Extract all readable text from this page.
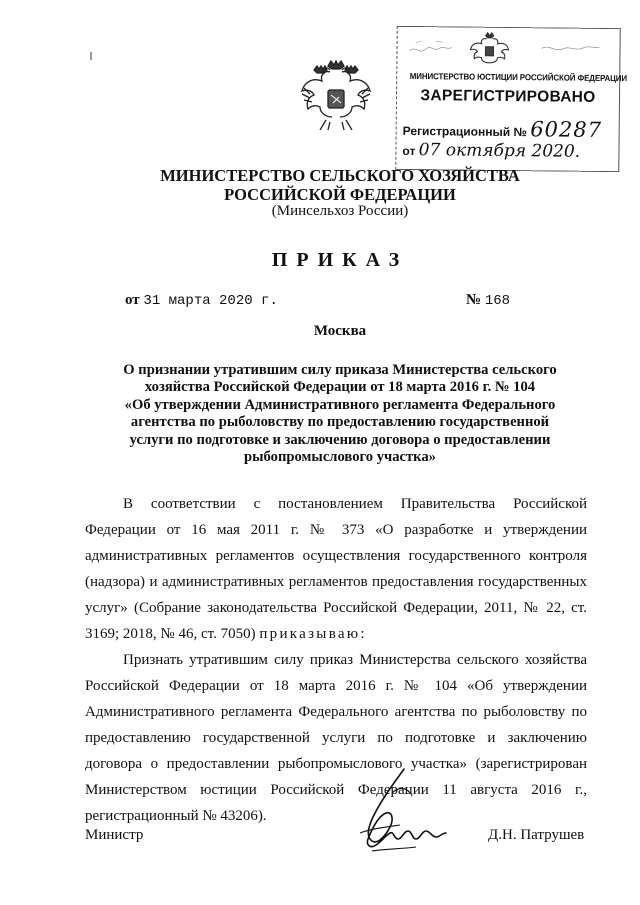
МИНИСТЕРСТВО ЮСТИЦИИ РОССИЙСКОЙ ФЕДЕРАЦИИ
ЗАРЕГИСТРИРОВАНО
Регистрационный № 60287
от 07 октября 2020.
МИНИСТЕРСТВО СЕЛЬСКОГО ХОЗЯЙСТВА
РОССИЙСКОЙ ФЕДЕРАЦИИ
(Минсельхоз России)
ПРИКАЗ
от 31 марта 2020 г.	№ 168
Москва
О признании утратившим силу приказа Министерства сельского
хозяйства Российской Федерации от 18 марта 2016 г. № 104
«Об утверждении Административного регламента Федерального
агентства по рыболовству по предоставлению государственной
услуги по подготовке и заключению договора о предоставлении
рыбопромыслового участка»

В соответствии с постановлением Правительства Российской Федерации от 16 мая 2011 г. № 373 «О разработке и утверждении административных регламентов осуществления государственного контроля (надзора) и административных регламентов предоставления государственных услуг» (Собрание законодательства Российской Федерации, 2011, № 22, ст. 3169; 2018, № 46, ст. 7050) приказываю:

Признать утратившим силу приказ Министерства сельского хозяйства Российской Федерации от 18 марта 2016 г. № 104 «Об утверждении Административного регламента Федерального агентства по рыболовству по предоставлению государственной услуги по подготовке и заключению договора о предоставлении рыбопромыслового участка» (зарегистрирован Министерством юстиции Российской Федерации 11 августа 2016 г., регистрационный № 43206).

Министр	Д.Н. Патрушев
